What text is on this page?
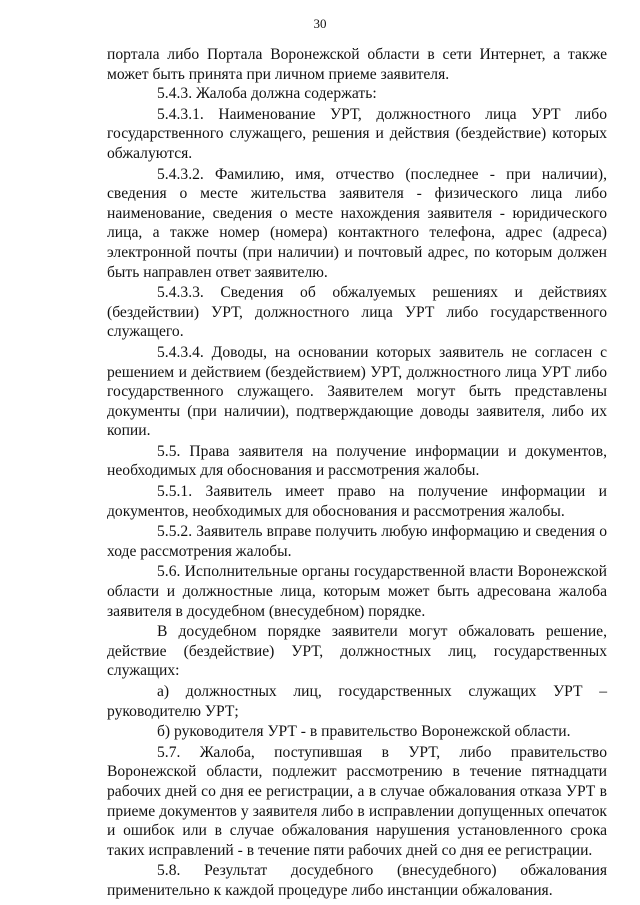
30

портала либо Портала Воронежской области в сети Интернет, а также может быть принята при личном приеме заявителя.

5.4.3. Жалоба должна содержать:

5.4.3.1. Наименование УРТ, должностного лица УРТ либо государственного служащего, решения и действия (бездействие) которых обжалуются.

5.4.3.2. Фамилию, имя, отчество (последнее - при наличии), сведения о месте жительства заявителя - физического лица либо наименование, сведения о месте нахождения заявителя - юридического лица, а также номер (номера) контактного телефона, адрес (адреса) электронной почты (при наличии) и почтовый адрес, по которым должен быть направлен ответ заявителю.

5.4.3.3. Сведения об обжалуемых решениях и действиях (бездействии) УРТ, должностного лица УРТ либо государственного служащего.

5.4.3.4. Доводы, на основании которых заявитель не согласен с решением и действием (бездействием) УРТ, должностного лица УРТ либо государственного служащего. Заявителем могут быть представлены документы (при наличии), подтверждающие доводы заявителя, либо их копии.

5.5. Права заявителя на получение информации и документов, необходимых для обоснования и рассмотрения жалобы.

5.5.1. Заявитель имеет право на получение информации и документов, необходимых для обоснования и рассмотрения жалобы.

5.5.2. Заявитель вправе получить любую информацию и сведения о ходе рассмотрения жалобы.

5.6. Исполнительные органы государственной власти Воронежской области и должностные лица, которым может быть адресована жалоба заявителя в досудебном (внесудебном) порядке.

В досудебном порядке заявители могут обжаловать решение, действие (бездействие) УРТ, должностных лиц, государственных служащих:

а) должностных лиц, государственных служащих УРТ – руководителю УРТ;

б) руководителя УРТ - в правительство Воронежской области.

5.7. Жалоба, поступившая в УРТ, либо правительство Воронежской области, подлежит рассмотрению в течение пятнадцати рабочих дней со дня ее регистрации, а в случае обжалования отказа УРТ в приеме документов у заявителя либо в исправлении допущенных опечаток и ошибок или в случае обжалования нарушения установленного срока таких исправлений - в течение пяти рабочих дней со дня ее регистрации.

5.8. Результат досудебного (внесудебного) обжалования применительно к каждой процедуре либо инстанции обжалования.
